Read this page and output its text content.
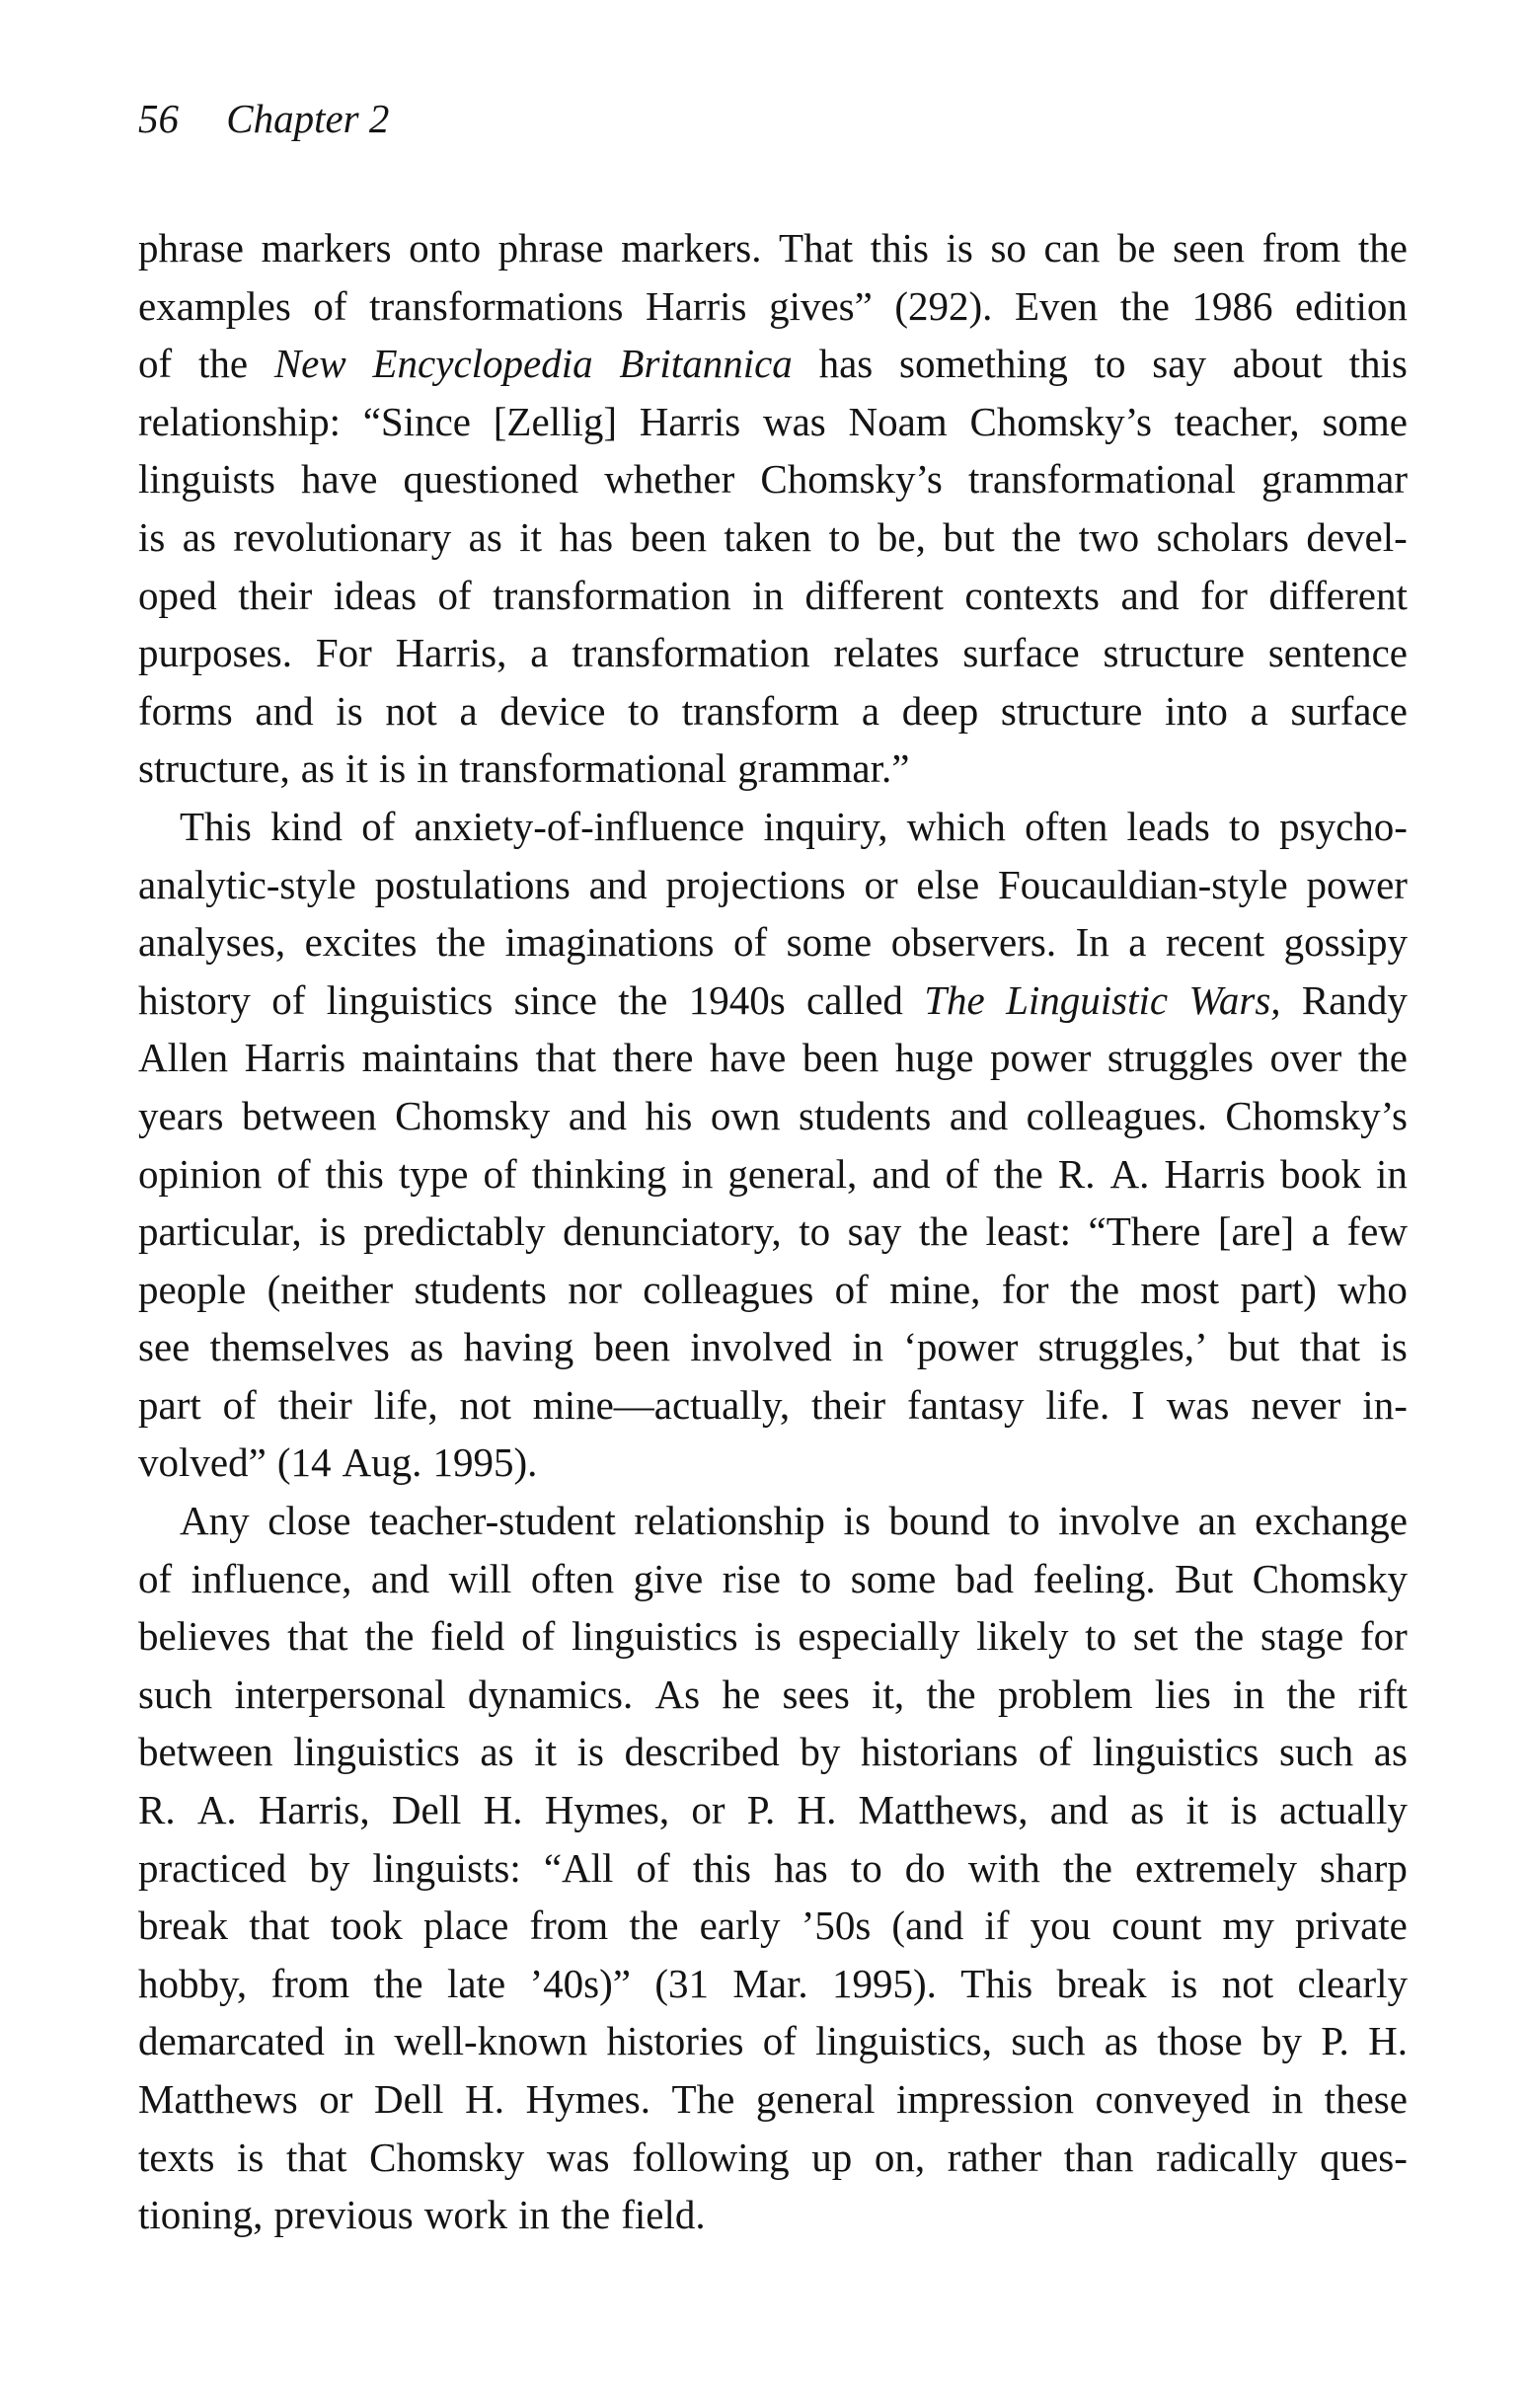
56 Chapter 2
phrase markers onto phrase markers. That this is so can be seen from the
examples of transformations Harris gives” (292). Even the 1986 edition
of the New Encyclopedia Britannica has something to say about this
relationship: “Since [Zellig] Harris was Noam Chomsky’s teacher, some
linguists have questioned whether Chomsky’s transformational grammar
is as revolutionary as it has been taken to be, but the two scholars devel-
oped their ideas of transformation in different contexts and for different
purposes. For Harris, a transformation relates surface structure sentence
forms and is not a device to transform a deep structure into a surface
structure, as it is in transformational grammar.”
This kind of anxiety-of-influence inquiry, which often leads to psycho-
analytic-style postulations and projections or else Foucauldian-style power
analyses, excites the imaginations of some observers. In a recent gossipy
history of linguistics since the 1940s called The Linguistic Wars, Randy
Allen Harris maintains that there have been huge power struggles over the
years between Chomsky and his own students and colleagues. Chomsky’s
opinion of this type of thinking in general, and of the R. A. Harris book in
particular, is predictably denunciatory, to say the least: “There [are] a few
people (neither students nor colleagues of mine, for the most part) who
see themselves as having been involved in ‘power struggles,’ but that is
part of their life, not mine—actually, their fantasy life. I was never in-
volved” (14 Aug. 1995).
Any close teacher-student relationship is bound to involve an exchange
of influence, and will often give rise to some bad feeling. But Chomsky
believes that the field of linguistics is especially likely to set the stage for
such interpersonal dynamics. As he sees it, the problem lies in the rift
between linguistics as it is described by historians of linguistics such as
R. A. Harris, Dell H. Hymes, or P. H. Matthews, and as it is actually
practiced by linguists: “All of this has to do with the extremely sharp
break that took place from the early ’50s (and if you count my private
hobby, from the late ’40s)” (31 Mar. 1995). This break is not clearly
demarcated in well-known histories of linguistics, such as those by P. H.
Matthews or Dell H. Hymes. The general impression conveyed in these
texts is that Chomsky was following up on, rather than radically ques-
tioning, previous work in the field.
